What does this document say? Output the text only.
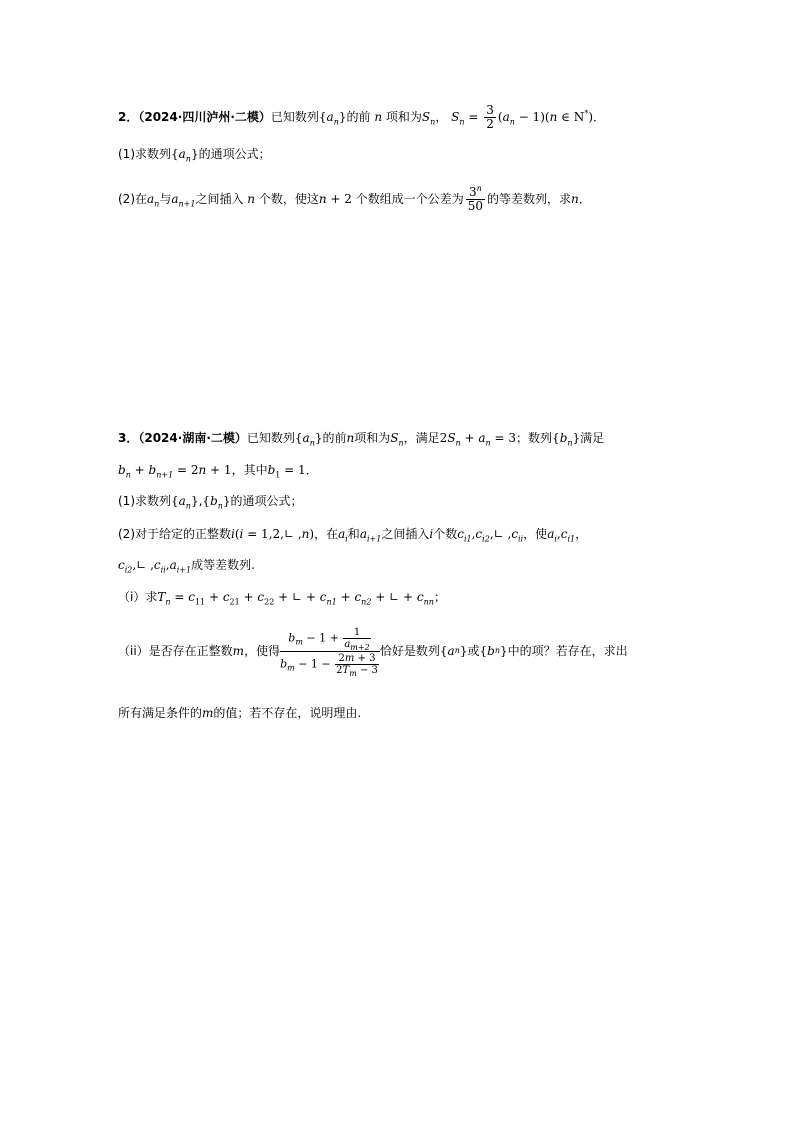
2．（2024·四川泸州·二模）已知数列$\{a_n\}$的前 n 项和为$S_n$， $S_n = \frac{3}{2} (a_n - 1)(n$ ∈ N*)．
(1)求数列$\{a_n\}$的通项公式；
(2)在$a_n$与$a_{n+1}$之间插入 n 个数，使这n + 2 个数组成一个公差为 $\frac{3^n}{50}$ 的等差数列，求n．
3．（2024·湖南·二模）已知数列$\{a_n\}$的前n项和为$S_n$，满足$2S_n + a_n = 3$；数列$\{b_n\}$满足
$b_n + b_{n+1} = 2n + 1$，其中$b_1 = 1$．
(1)求数列$\{a_n\},\{b_n\}$的通项公式；
(2)对于给定的正整数i(i = 1,2,∟ ,n)，在$a_i$和$a_{i+1}$之间插入i个数$c_{i1},c_{i2},∟$ $,c_{ii}$，使$a_i,c_{i1}$，
$c_{i2},∟$ $,c_{ii},a_{i+1}$成等差数列.
（i）求$T_n = c_{11} + c_{21} + c_{22}$ + ∟ + $c_{n1} + c_{n2}$ + ∟ + $c_{nn}$；
（ii）是否存在正整数 m ，使得
$b_m - 1 + \frac{1}{a_{m+2}}$
$b_m - 1 - \frac{2m + 3}{2T_m - 3}$
恰好是数列 { a n } 或 { b n } 中的项？若存在，求出
所有满足条件的m的值；若不存在，说明理由.
